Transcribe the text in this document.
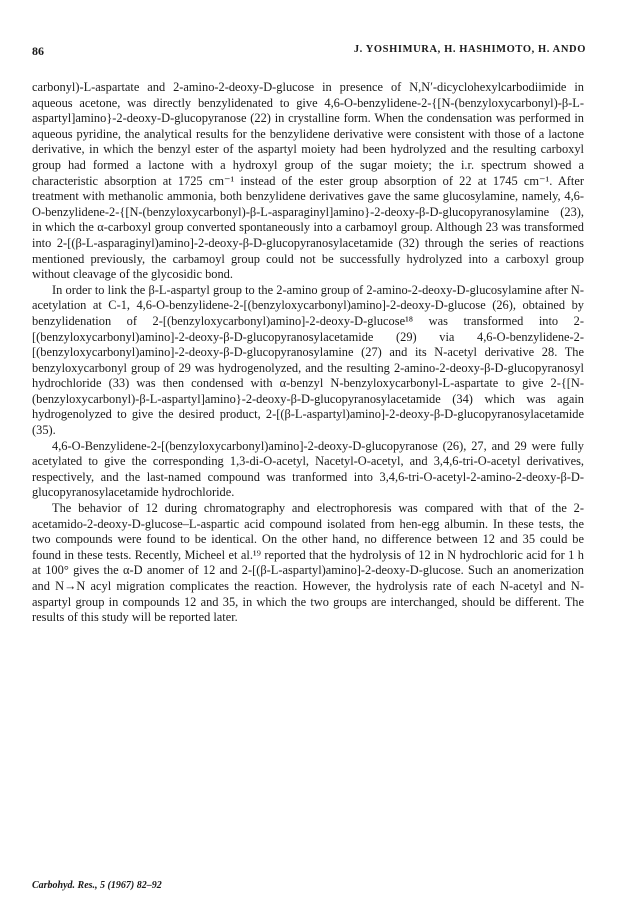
86	J. YOSHIMURA, H. HASHIMOTO, H. ANDO

carbonyl)-L-aspartate and 2-amino-2-deoxy-D-glucose in presence of N,N′-dicyclohexylcarbodiimide in aqueous acetone, was directly benzylidenated to give 4,6-O-benzylidene-2-{[N-(benzyloxycarbonyl)-β-L-aspartyl]amino}-2-deoxy-D-glucopyranose (22) in crystalline form. When the condensation was performed in aqueous pyridine, the analytical results for the benzylidene derivative were consistent with those of a lactone derivative, in which the benzyl ester of the aspartyl moiety had been hydrolyzed and the resulting carboxyl group had formed a lactone with a hydroxyl group of the sugar moiety; the i.r. spectrum showed a characteristic absorption at 1725 cm⁻¹ instead of the ester group absorption of 22 at 1745 cm⁻¹. After treatment with methanolic ammonia, both benzylidene derivatives gave the same glucosylamine, namely, 4,6-O-benzylidene-2-{[N-(benzyloxycarbonyl)-β-L-asparaginyl]amino}-2-deoxy-β-D-glucopyranosylamine (23), in which the α-carboxyl group converted spontaneously into a carbamoyl group. Although 23 was transformed into 2-[(β-L-asparaginyl)amino]-2-deoxy-β-D-glucopyranosylacetamide (32) through the series of reactions mentioned previously, the carbamoyl group could not be successfully hydrolyzed into a carboxyl group without cleavage of the glycosidic bond.

In order to link the β-L-aspartyl group to the 2-amino group of 2-amino-2-deoxy-D-glucosylamine after N-acetylation at C-1, 4,6-O-benzylidene-2-[(benzyloxycarbonyl)amino]-2-deoxy-D-glucose (26), obtained by benzylidenation of 2-[(benzyloxycarbonyl)amino]-2-deoxy-D-glucose¹⁸ was transformed into 2-[(benzyloxycarbonyl)amino]-2-deoxy-β-D-glucopyranosylacetamide (29) via 4,6-O-benzylidene-2-[(benzyloxycarbonyl)amino]-2-deoxy-β-D-glucopyranosylamine (27) and its N-acetyl derivative 28. The benzyloxycarbonyl group of 29 was hydrogenolyzed, and the resulting 2-amino-2-deoxy-β-D-glucopyranosyl hydrochloride (33) was then condensed with α-benzyl N-benzyloxycarbonyl-L-aspartate to give 2-{[N-(benzyloxycarbonyl)-β-L-aspartyl]amino}-2-deoxy-β-D-glucopyranosylacetamide (34) which was again hydrogenolyzed to give the desired product, 2-[(β-L-aspartyl)amino]-2-deoxy-β-D-glucopyranosylacetamide (35).

4,6-O-Benzylidene-2-[(benzyloxycarbonyl)amino]-2-deoxy-D-glucopyranose (26), 27, and 29 were fully acetylated to give the corresponding 1,3-di-O-acetyl, Nacetyl-O-acetyl, and 3,4,6-tri-O-acetyl derivatives, respectively, and the last-named compound was tranformed into 3,4,6-tri-O-acetyl-2-amino-2-deoxy-β-D-glucopyranosylacetamide hydrochloride.

The behavior of 12 during chromatography and electrophoresis was compared with that of the 2-acetamido-2-deoxy-D-glucose–L-aspartic acid compound isolated from hen-egg albumin. In these tests, the two compounds were found to be identical. On the other hand, no difference between 12 and 35 could be found in these tests. Recently, Micheel et al.¹⁹ reported that the hydrolysis of 12 in N hydrochloric acid for 1 h at 100° gives the α-D anomer of 12 and 2-[(β-L-aspartyl)amino]-2-deoxy-D-glucose. Such an anomerization and N→N acyl migration complicates the reaction. However, the hydrolysis rate of each N-acetyl and N-aspartyl group in compounds 12 and 35, in which the two groups are interchanged, should be different. The results of this study will be reported later.

Carbohyd. Res., 5 (1967) 82–92
